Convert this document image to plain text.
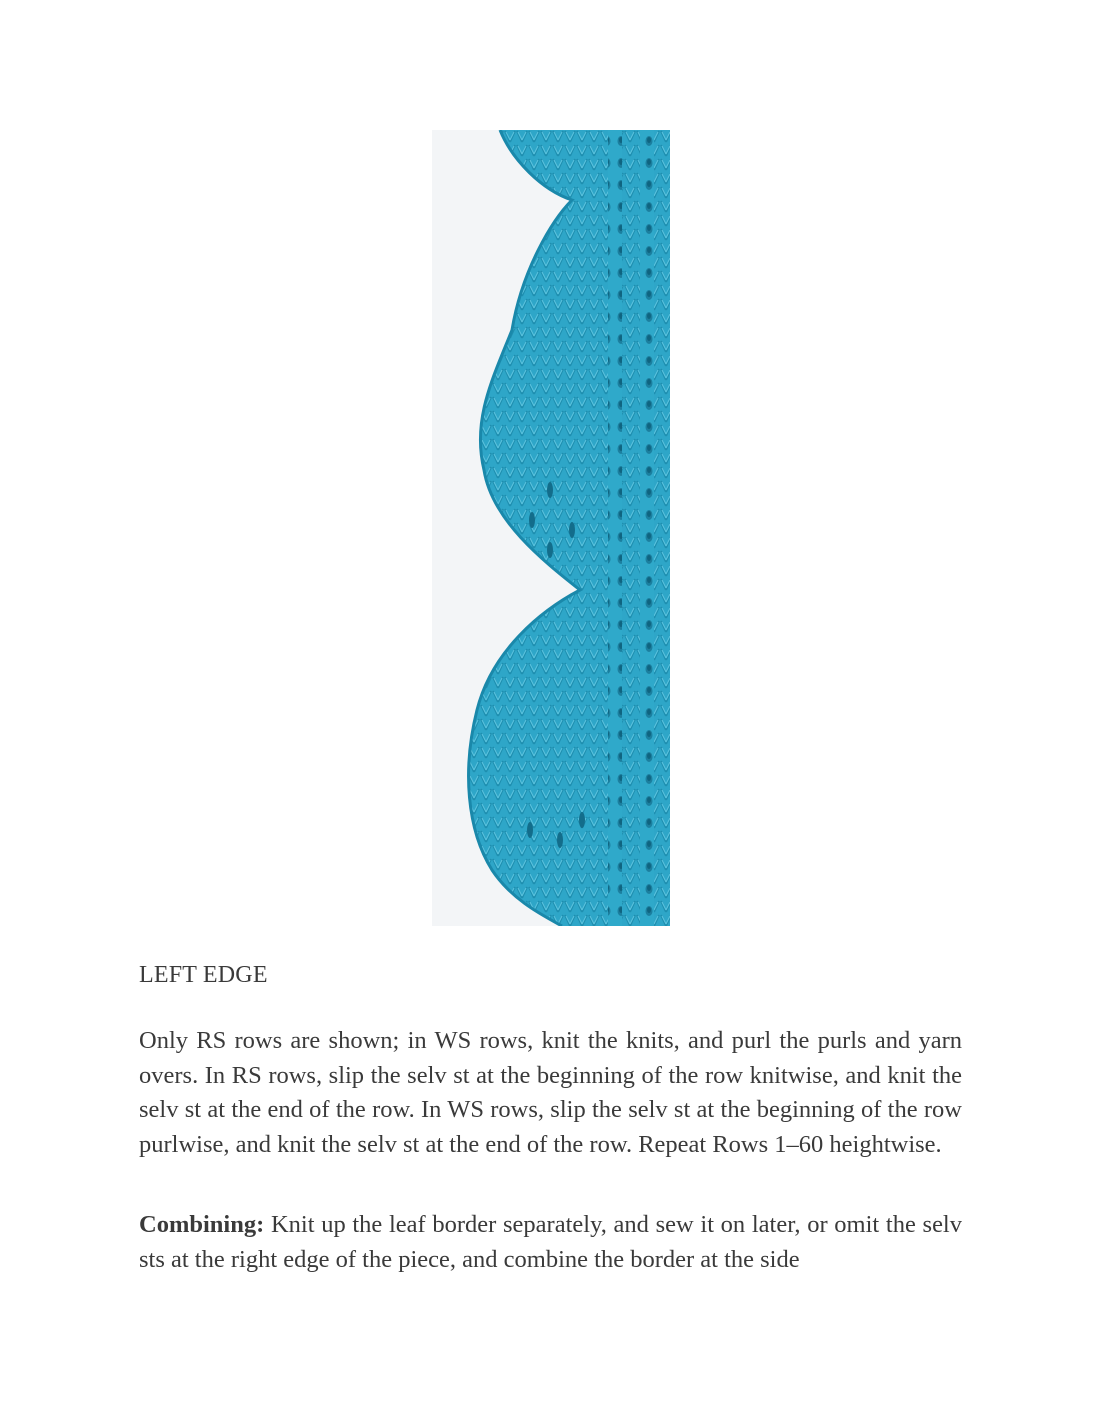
LEFT EDGE

Only RS rows are shown; in WS rows, knit the knits, and purl the purls and yarn overs. In RS rows, slip the selv st at the beginning of the row knitwise, and knit the selv st at the end of the row. In WS rows, slip the selv st at the beginning of the row purlwise, and knit the selv st at the end of the row. Repeat Rows 1–60 heightwise.

Combining: Knit up the leaf border separately, and sew it on later, or omit the selv sts at the right edge of the piece, and combine the border at the side
